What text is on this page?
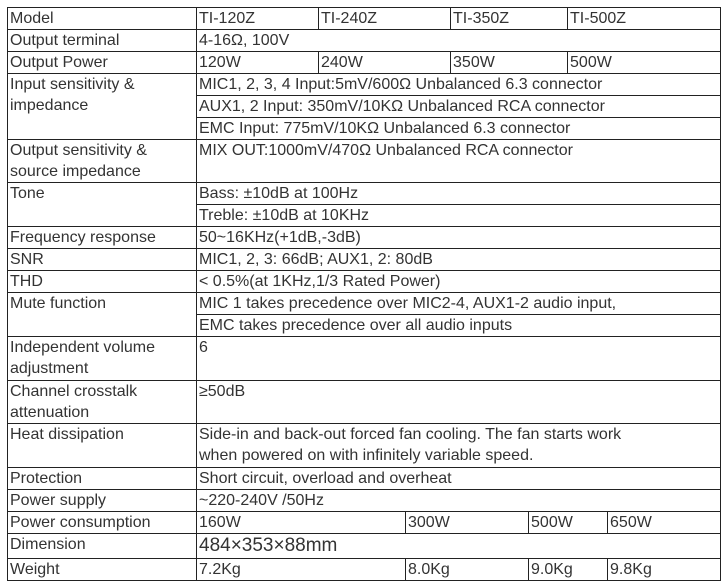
Model	TI-120Z	TI-240Z		TI-350Z		TI-500Z	
Output terminal	4-16Ω, 100V						
Output Power	120W	240W		350W		500W	
Input sensitivity & impedance	MIC1, 2, 3, 4 Input:5mV/600Ω Unbalanced 6.3 connector						
	AUX1, 2 Input: 350mV/10KΩ Unbalanced RCA connector						
	EMC Input: 775mV/10KΩ Unbalanced 6.3 connector						
Output sensitivity & source impedance	MIX OUT:1000mV/470Ω Unbalanced RCA connector						
Tone	Bass: ±10dB at 100Hz						
	Treble: ±10dB at 10KHz						
Frequency response	50~16KHz(+1dB,-3dB)						
SNR	MIC1, 2, 3: 66dB; AUX1, 2: 80dB						
THD	< 0.5%(at 1KHz,1/3 Rated Power)						
Mute function	MIC 1 takes precedence over MIC2-4, AUX1-2 audio input,						
	EMC takes precedence over all audio inputs						
Independent volume adjustment	6						
Channel crosstalk attenuation	≥50dB						
Heat dissipation	Side-in and back-out forced fan cooling. The fan starts work when powered on with infinitely variable speed.						
Protection	Short circuit, overload and overheat						
Power supply	~220-240V /50Hz						
Power consumption	160W		300W		500W		650W
Dimension	484×353×88mm						
Weight	7.2Kg		8.0Kg		9.0Kg		9.8Kg
